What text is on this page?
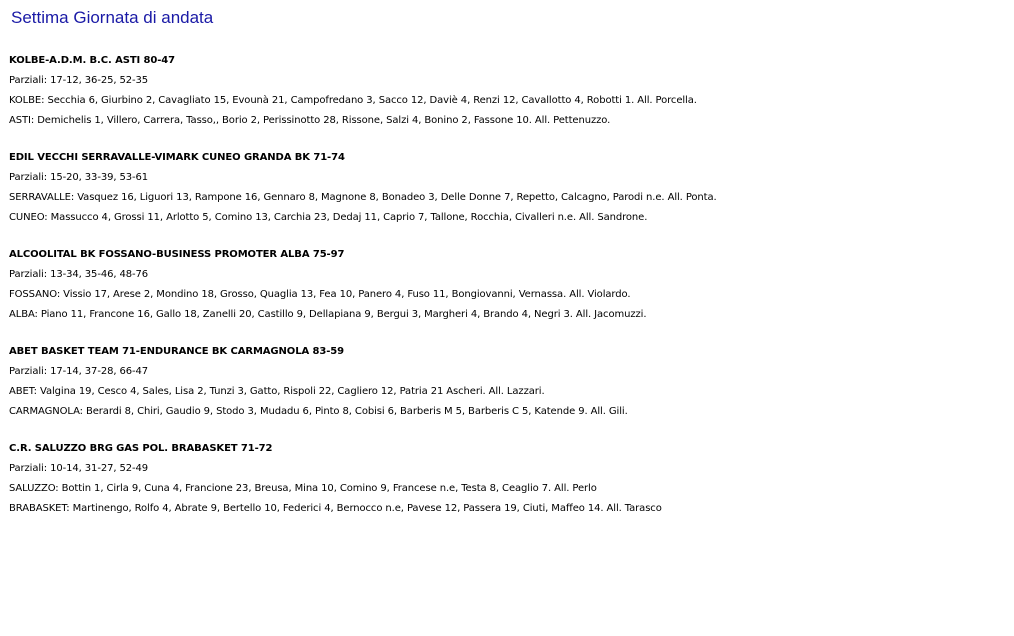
Settima Giornata di andata
KOLBE-A.D.M. B.C. ASTI 80-47
Parziali: 17-12, 36-25, 52-35
KOLBE: Secchia 6, Giurbino 2, Cavagliato 15, Evounà 21, Campofredano 3, Sacco 12, Daviè 4, Renzi 12, Cavallotto 4, Robotti 1. All. Porcella.
ASTI: Demichelis 1, Villero, Carrera, Tasso,, Borio 2, Perissinotto 28, Rissone, Salzi 4, Bonino 2, Fassone 10. All. Pettenuzzo.
EDIL VECCHI SERRAVALLE-VIMARK CUNEO GRANDA BK 71-74
Parziali: 15-20, 33-39, 53-61
SERRAVALLE: Vasquez 16, Liguori 13, Rampone 16, Gennaro 8, Magnone 8, Bonadeo 3, Delle Donne 7, Repetto, Calcagno, Parodi n.e. All. Ponta.
CUNEO: Massucco 4, Grossi 11, Arlotto 5, Comino 13, Carchia 23, Dedaj 11, Caprio 7, Tallone, Rocchia, Civalleri n.e. All. Sandrone.
ALCOOLITAL BK FOSSANO-BUSINESS PROMOTER ALBA 75-97
Parziali: 13-34, 35-46, 48-76
FOSSANO: Vissio 17, Arese 2, Mondino 18, Grosso, Quaglia 13, Fea 10, Panero 4, Fuso 11, Bongiovanni, Vernassa. All. Violardo.
ALBA: Piano 11, Francone 16, Gallo 18, Zanelli 20, Castillo 9, Dellapiana 9, Bergui 3, Margheri 4, Brando 4, Negri 3. All. Jacomuzzi.
ABET BASKET TEAM 71-ENDURANCE BK CARMAGNOLA 83-59
Parziali: 17-14, 37-28, 66-47
ABET: Valgina 19, Cesco 4, Sales, Lisa 2, Tunzi 3, Gatto, Rispoli 22, Cagliero 12, Patria 21 Ascheri. All. Lazzari.
CARMAGNOLA: Berardi 8, Chiri, Gaudio 9, Stodo 3, Mudadu 6, Pinto 8, Cobisi 6, Barberis M 5, Barberis C 5, Katende 9. All. Gili.
C.R. SALUZZO BRG GAS POL. BRABASKET 71-72
Parziali: 10-14, 31-27, 52-49
SALUZZO: Bottin 1, Cirla 9, Cuna 4, Francione 23, Breusa, Mina 10, Comino 9, Francese n.e, Testa 8, Ceaglio 7. All. Perlo
BRABASKET: Martinengo, Rolfo 4, Abrate 9, Bertello 10, Federici 4, Bernocco n.e, Pavese 12, Passera 19, Ciuti, Maffeo 14. All. Tarasco
